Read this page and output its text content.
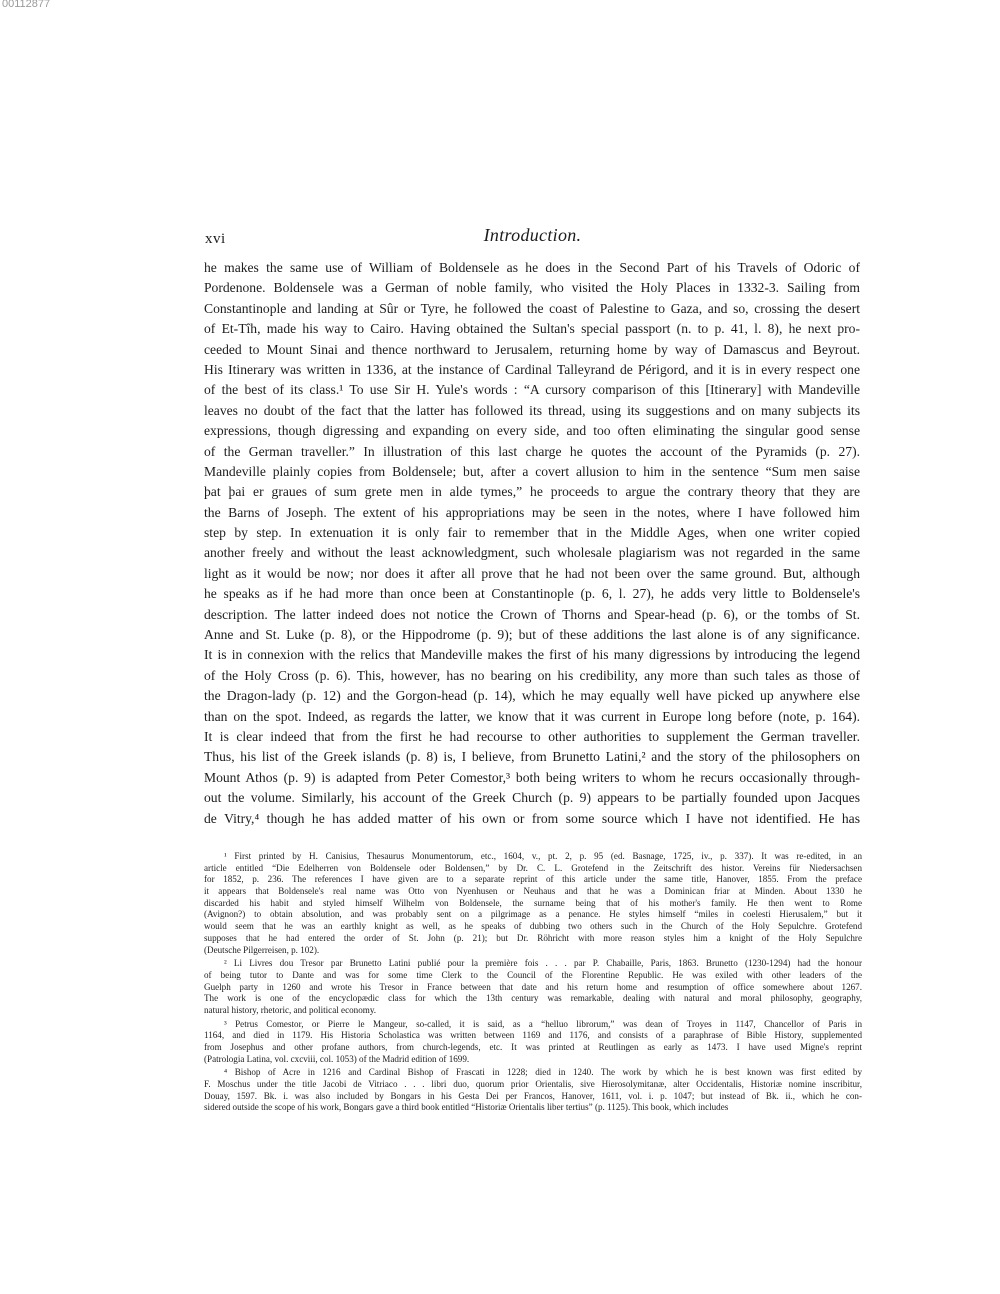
00112877
xvi	Introduction.
he makes the same use of William of Boldensele as he does in the Second Part of his Travels of Odoric of
Pordenone. Boldensele was a German of noble family, who visited the Holy Places in 1332-3. Sailing from
Constantinople and landing at Sûr or Tyre, he followed the coast of Palestine to Gaza, and so, crossing the desert
of Et-Tîh, made his way to Cairo. Having obtained the Sultan's special passport (n. to p. 41, l. 8), he next pro-
ceeded to Mount Sinai and thence northward to Jerusalem, returning home by way of Damascus and Beyrout.
His Itinerary was written in 1336, at the instance of Cardinal Talleyrand de Périgord, and it is in every respect one
of the best of its class.¹ To use Sir H. Yule's words : “A cursory comparison of this [Itinerary] with Mandeville
leaves no doubt of the fact that the latter has followed its thread, using its suggestions and on many subjects its
expressions, though digressing and expanding on every side, and too often eliminating the singular good sense
of the German traveller.” In illustration of this last charge he quotes the account of the Pyramids (p. 27).
Mandeville plainly copies from Boldensele; but, after a covert allusion to him in the sentence “Sum men saise
þat þai er graues of sum grete men in alde tymes,” he proceeds to argue the contrary theory that they are
the Barns of Joseph. The extent of his appropriations may be seen in the notes, where I have followed him
step by step. In extenuation it is only fair to remember that in the Middle Ages, when one writer copied
another freely and without the least acknowledgment, such wholesale plagiarism was not regarded in the same
light as it would be now; nor does it after all prove that he had not been over the same ground. But, although
he speaks as if he had more than once been at Constantinople (p. 6, l. 27), he adds very little to Boldensele's
description. The latter indeed does not notice the Crown of Thorns and Spear-head (p. 6), or the tombs of St.
Anne and St. Luke (p. 8), or the Hippodrome (p. 9); but of these additions the last alone is of any significance.
It is in connexion with the relics that Mandeville makes the first of his many digressions by introducing the legend
of the Holy Cross (p. 6). This, however, has no bearing on his credibility, any more than such tales as those of
the Dragon-lady (p. 12) and the Gorgon-head (p. 14), which he may equally well have picked up anywhere else
than on the spot. Indeed, as regards the latter, we know that it was current in Europe long before (note, p. 164).
It is clear indeed that from the first he had recourse to other authorities to supplement the German traveller.
Thus, his list of the Greek islands (p. 8) is, I believe, from Brunetto Latini,² and the story of the philosophers on
Mount Athos (p. 9) is adapted from Peter Comestor,³ both being writers to whom he recurs occasionally through-
out the volume. Similarly, his account of the Greek Church (p. 9) appears to be partially founded upon Jacques
de Vitry,⁴ though he has added matter of his own or from some source which I have not identified. He has
¹ First printed by H. Canisius, Thesaurus Monumentorum, etc., 1604, v., pt. 2, p. 95 (ed. Basnage, 1725, iv., p. 337). It was re-edited, in an
article entitled “Die Edelherren von Boldensele oder Boldensen,” by Dr. C. L. Grotefend in the Zeitschrift des histor. Vereins für Niedersachsen
for 1852, p. 236. The references I have given are to a separate reprint of this article under the same title, Hanover, 1855. From the preface
it appears that Boldensele's real name was Otto von Nyenhusen or Neuhaus and that he was a Dominican friar at Minden. About 1330 he
discarded his habit and styled himself Wilhelm von Boldensele, the surname being that of his mother's family. He then went to Rome
(Avignon?) to obtain absolution, and was probably sent on a pilgrimage as a penance. He styles himself “miles in coelesti Hierusalem,” but it
would seem that he was an earthly knight as well, as he speaks of dubbing two others such in the Church of the Holy Sepulchre. Grotefend
supposes that he had entered the order of St. John (p. 21); but Dr. Röhricht with more reason styles him a knight of the Holy Sepulchre
(Deutsche Pilgerreisen, p. 102).
² Li Livres dou Tresor par Brunetto Latini publié pour la première fois . . . par P. Chabaille, Paris, 1863. Brunetto (1230-1294) had the honour
of being tutor to Dante and was for some time Clerk to the Council of the Florentine Republic. He was exiled with other leaders of the
Guelph party in 1260 and wrote his Tresor in France between that date and his return home and resumption of office somewhere about 1267.
The work is one of the encyclopædic class for which the 13th century was remarkable, dealing with natural and moral philosophy, geography,
natural history, rhetoric, and political economy.
³ Petrus Comestor, or Pierre le Mangeur, so-called, it is said, as a “helluo librorum,” was dean of Troyes in 1147, Chancellor of Paris in
1164, and died in 1179. His Historia Scholastica was written between 1169 and 1176, and consists of a paraphrase of Bible History, supplemented
from Josephus and other profane authors, from church-legends, etc. It was printed at Reutlingen as early as 1473. I have used Migne's reprint
(Patrologia Latina, vol. cxcviii, col. 1053) of the Madrid edition of 1699.
⁴ Bishop of Acre in 1216 and Cardinal Bishop of Frascati in 1228; died in 1240. The work by which he is best known was first edited by
F. Moschus under the title Jacobi de Vitriaco . . . libri duo, quorum prior Orientalis, sive Hierosolymitanæ, alter Occidentalis, Historiæ nomine inscribitur,
Douay, 1597. Bk. i. was also included by Bongars in his Gesta Dei per Francos, Hanover, 1611, vol. i. p. 1047; but instead of Bk. ii., which he con-
sidered outside the scope of his work, Bongars gave a third book entitled “Historiæ Orientalis liber tertius” (p. 1125). This book, which includes
